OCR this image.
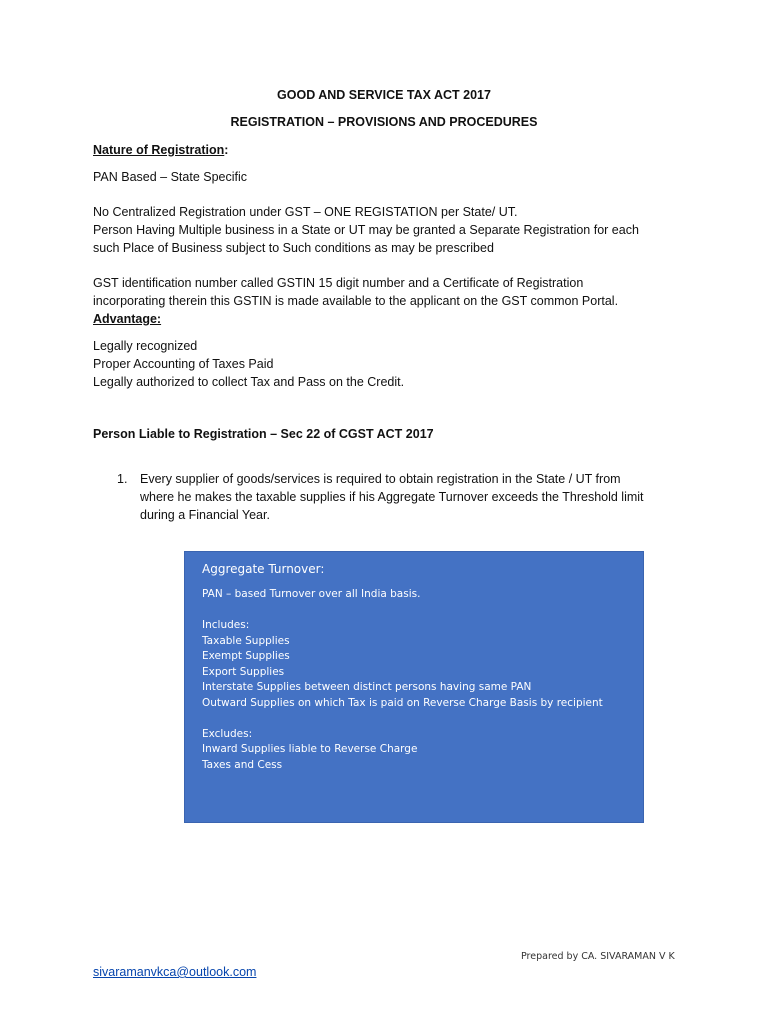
GOOD AND SERVICE TAX ACT 2017
REGISTRATION – PROVISIONS AND PROCEDURES
Nature of Registration:
PAN Based – State Specific
No Centralized Registration under GST – ONE REGISTATION per State/ UT.
Person Having Multiple business in a State or UT may be granted a Separate Registration for each
such Place of Business subject to Such conditions as may be prescribed
GST identification number called GSTIN 15 digit number and a Certificate of Registration
incorporating therein this GSTIN is made available to the applicant on the GST common Portal.
Advantage:
Legally recognized
Proper Accounting of Taxes Paid
Legally authorized to collect Tax and Pass on the Credit.
Person Liable to Registration – Sec 22 of CGST ACT 2017
1. Every supplier of goods/services is required to obtain registration in the State / UT from
where he makes the taxable supplies if his Aggregate Turnover exceeds the Threshold limit
during a Financial Year.
Aggregate Turnover:
PAN – based Turnover over all India basis.
Includes:
Taxable Supplies
Exempt Supplies
Export Supplies
Interstate Supplies between distinct persons having same PAN
Outward Supplies on which Tax is paid on Reverse Charge Basis by recipient
Excludes:
Inward Supplies liable to Reverse Charge
Taxes and Cess
Prepared by CA. SIVARAMAN V K
sivaramanvkca@outlook.com
